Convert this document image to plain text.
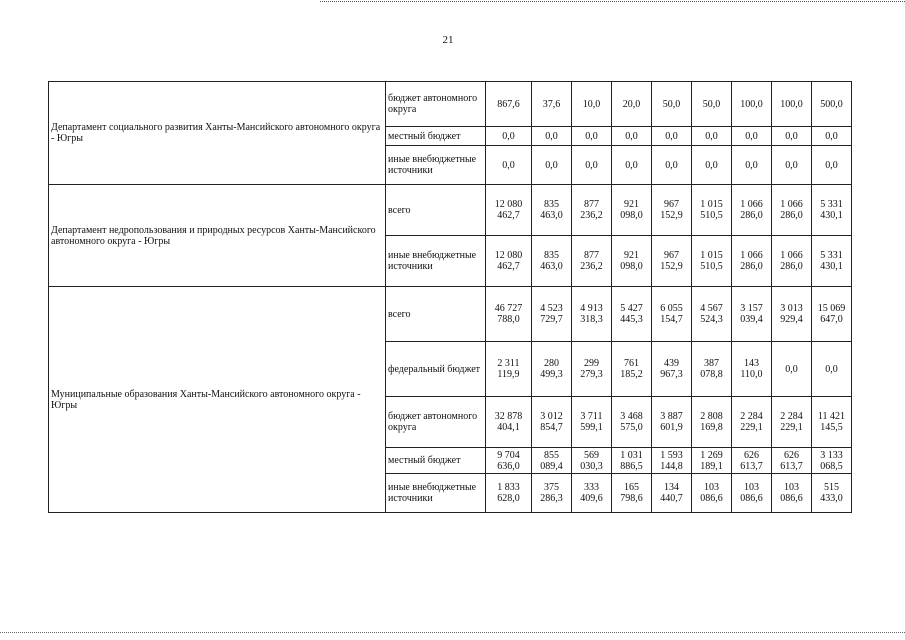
21
Департамент социального развития Ханты-Мансийского автономного округа - Югры	бюджет автономного округа	867,6	37,6	10,0	20,0	50,0	50,0	100,0	100,0	500,0
	местный бюджет	0,0	0,0	0,0	0,0	0,0	0,0	0,0	0,0	0,0
	иные внебюджетные источники	0,0	0,0	0,0	0,0	0,0	0,0	0,0	0,0	0,0
Департамент недропользования и природных ресурсов Ханты-Мансийского автономного округа - Югры	всего	12 080 462,7	835 463,0	877 236,2	921 098,0	967 152,9	1 015 510,5	1 066 286,0	1 066 286,0	5 331 430,1
	иные внебюджетные источники	12 080 462,7	835 463,0	877 236,2	921 098,0	967 152,9	1 015 510,5	1 066 286,0	1 066 286,0	5 331 430,1
Муниципальные образования Ханты-Мансийского автономного округа - Югры	всего	46 727 788,0	4 523 729,7	4 913 318,3	5 427 445,3	6 055 154,7	4 567 524,3	3 157 039,4	3 013 929,4	15 069 647,0
	федеральный бюджет	2 311 119,9	280 499,3	299 279,3	761 185,2	439 967,3	387 078,8	143 110,0	0,0	0,0
	бюджет автономного округа	32 878 404,1	3 012 854,7	3 711 599,1	3 468 575,0	3 887 601,9	2 808 169,8	2 284 229,1	2 284 229,1	11 421 145,5
	местный бюджет	9 704 636,0	855 089,4	569 030,3	1 031 886,5	1 593 144,8	1 269 189,1	626 613,7	626 613,7	3 133 068,5
	иные внебюджетные источники	1 833 628,0	375 286,3	333 409,6	165 798,6	134 440,7	103 086,6	103 086,6	103 086,6	515 433,0
